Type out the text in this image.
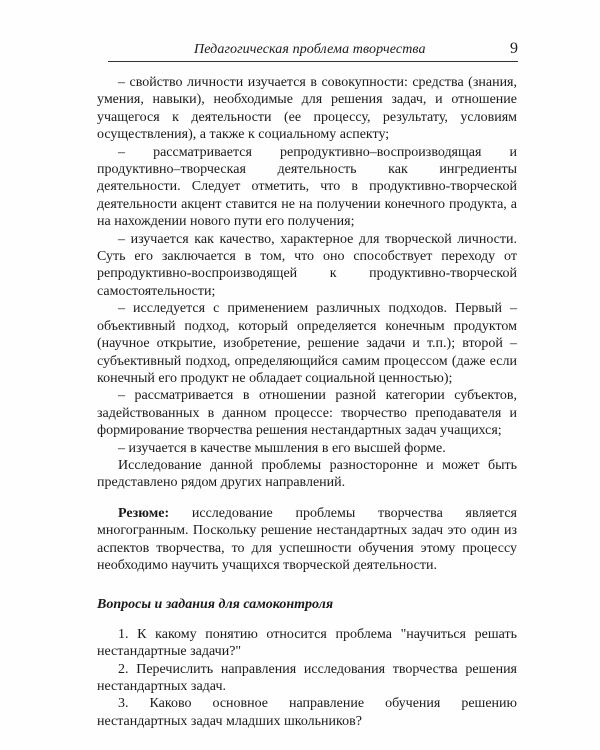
Педагогическая проблема творчества	9

– свойство личности изучается в совокупности: средства (знания, умения, навыки), необходимые для решения задач, и отношение учащегося к деятельности (ее процессу, результату, условиям осуществления), а также к социальному аспекту;

– рассматривается репродуктивно–воспроизводящая и продуктивно–творческая деятельность как ингредиенты деятельности. Следует отметить, что в продуктивно-творческой деятельности акцент ставится не на получении конечного продукта, а на нахождении нового пути его получения;

– изучается как качество, характерное для творческой личности. Суть его заключается в том, что оно способствует переходу от репродуктивно-воспроизводящей к продуктивно-творческой самостоятельности;

– исследуется с применением различных подходов. Первый – объективный подход, который определяется конечным продуктом (научное открытие, изобретение, решение задачи и т.п.); второй – субъективный подход, определяющийся самим процессом (даже если конечный его продукт не обладает социальной ценностью);

– рассматривается в отношении разной категории субъектов, задействованных в данном процессе: творчество преподавателя и формирование творчества решения нестандартных задач учащихся;

– изучается в качестве мышления в его высшей форме.

Исследование данной проблемы разносторонне и может быть представлено рядом других направлений.

Резюме: исследование проблемы творчества является многогранным. Поскольку решение нестандартных задач это один из аспектов творчества, то для успешности обучения этому процессу необходимо научить учащихся творческой деятельности.

Вопросы и задания для самоконтроля

1. К какому понятию относится проблема "научиться решать нестандартные задачи?"

2. Перечислить направления исследования творчества решения нестандартных задач.

3. Каково основное направление обучения решению нестандартных задач младших школьников?
